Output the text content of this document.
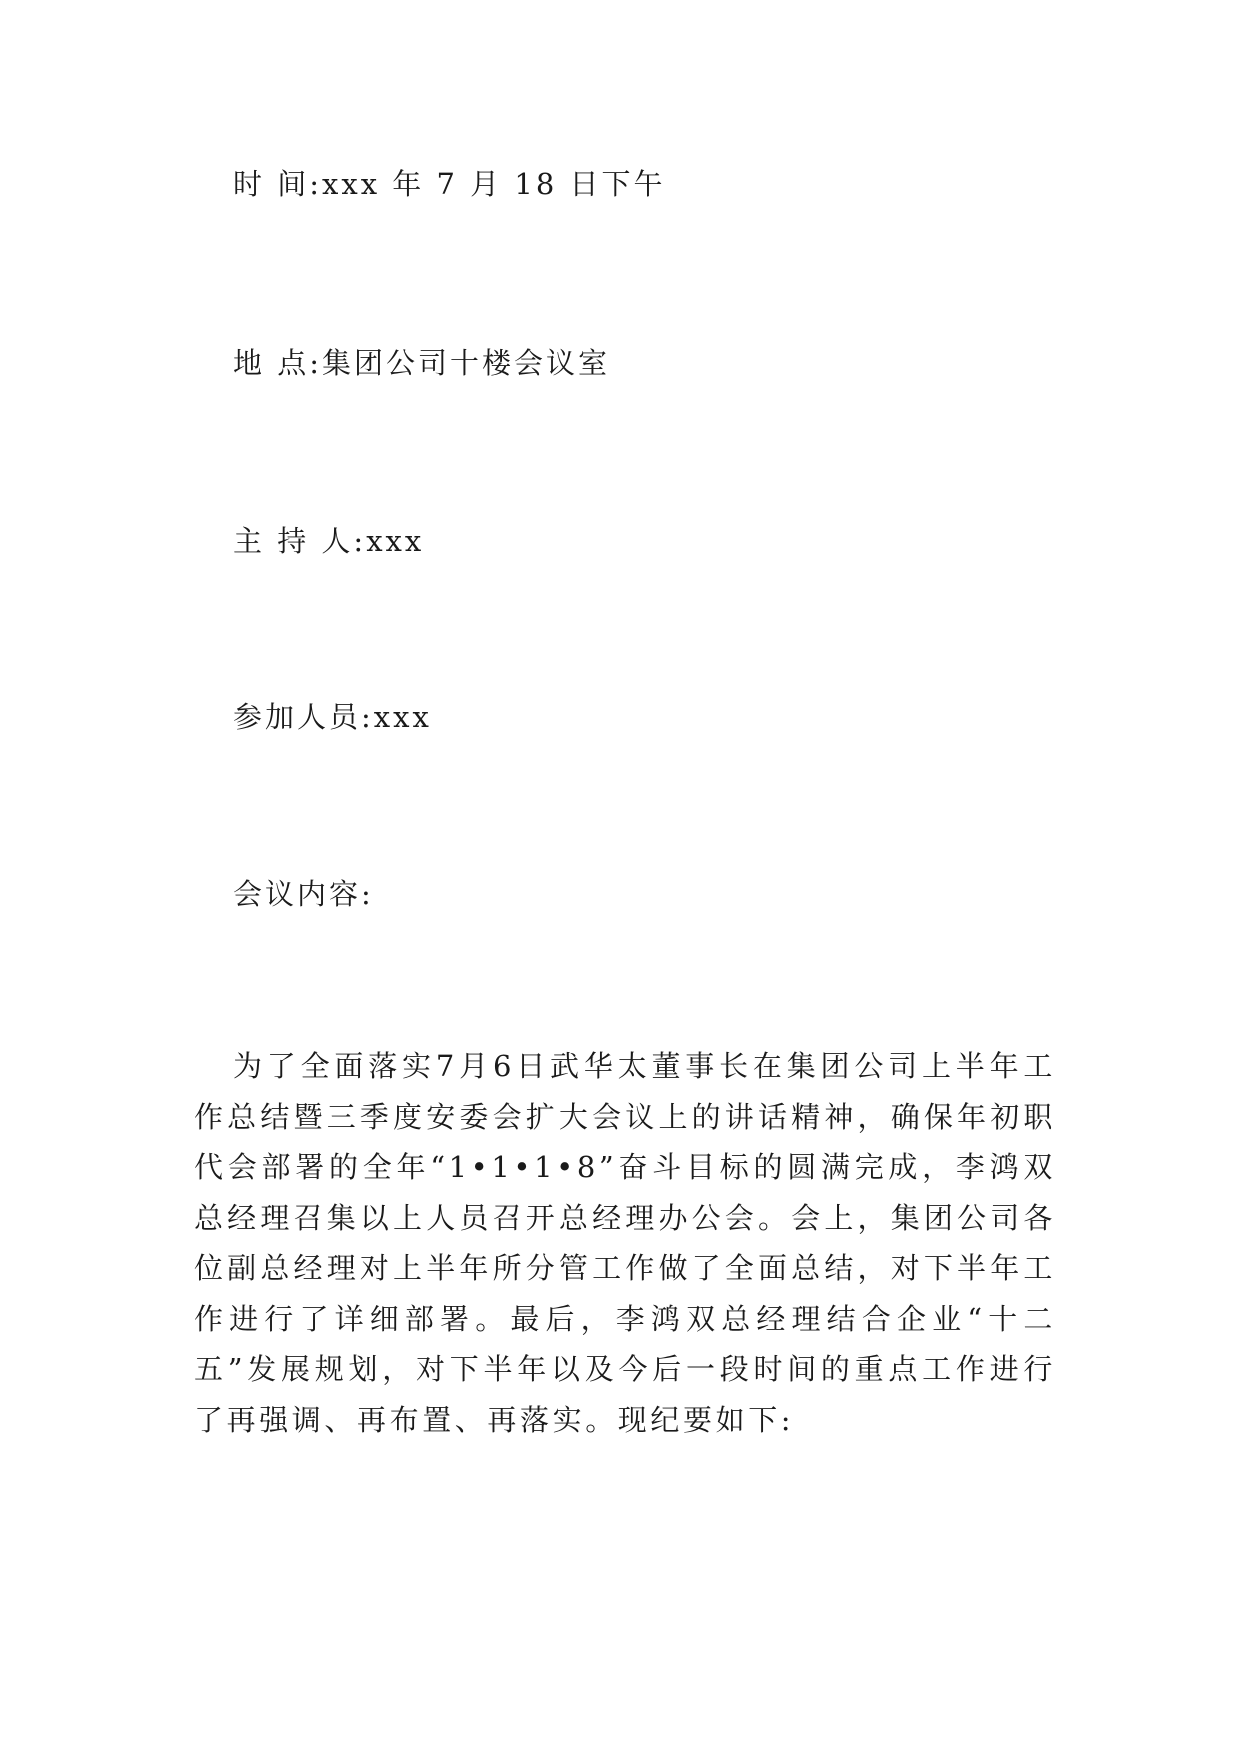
时 间:xxx 年 7 月 18 日下午
地 点:集团公司十楼会议室
主 持 人:xxx
参加人员:xxx
会议内容:

为了全面落实7月6日武华太董事长在集团公司上半年工作总结暨三季度安委会扩大会议上的讲话精神，确保年初职代会部署的全年“1•1•1•8”奋斗目标的圆满完成，李鸿双总经理召集以上人员召开总经理办公会。会上，集团公司各位副总经理对上半年所分管工作做了全面总结，对下半年工作进行了详细部署。最后，李鸿双总经理结合企业“十二五”发展规划，对下半年以及今后一段时间的重点工作进行了再强调、再布置、再落实。现纪要如下:
